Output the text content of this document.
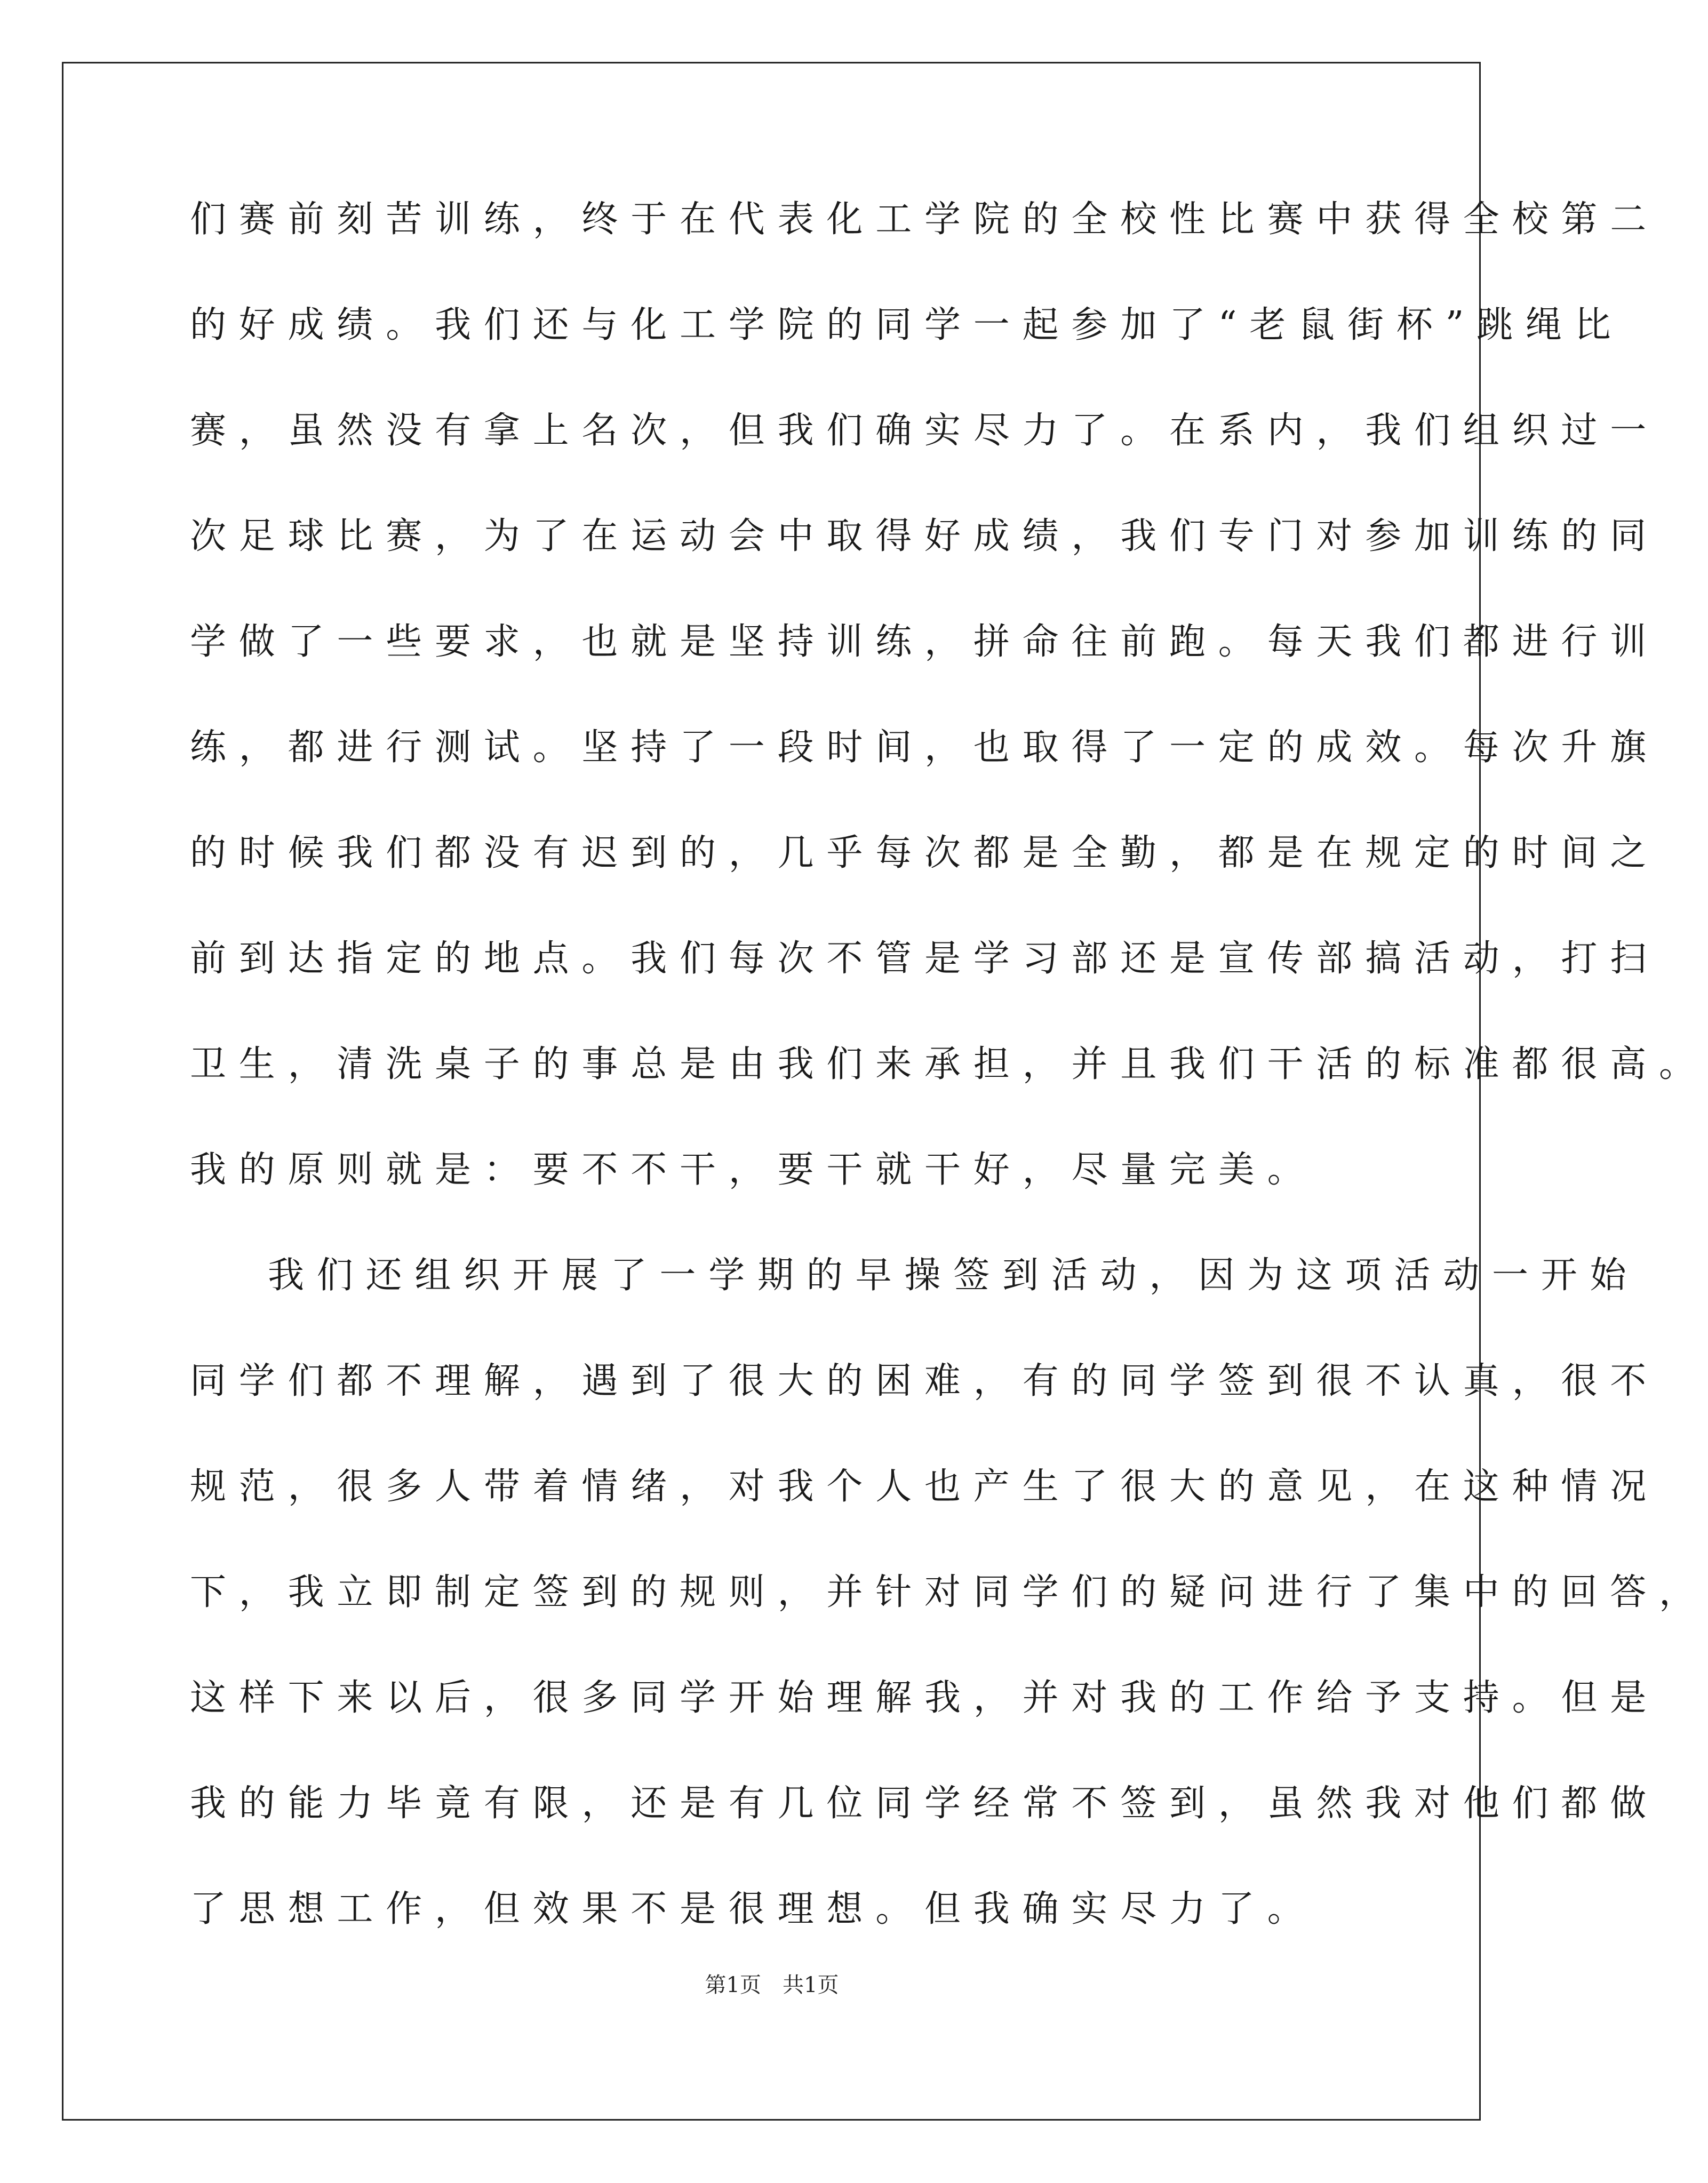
们赛前刻苦训练，终于在代表化工学院的全校性比赛中获得全校第二
的好成绩。我们还与化工学院的同学一起参加了“老鼠街杯”跳绳比
赛，虽然没有拿上名次，但我们确实尽力了。在系内，我们组织过一
次足球比赛，为了在运动会中取得好成绩，我们专门对参加训练的同
学做了一些要求，也就是坚持训练，拼命往前跑。每天我们都进行训
练，都进行测试。坚持了一段时间，也取得了一定的成效。每次升旗
的时候我们都没有迟到的，几乎每次都是全勤，都是在规定的时间之
前到达指定的地点。我们每次不管是学习部还是宣传部搞活动，打扫
卫生，清洗桌子的事总是由我们来承担，并且我们干活的标准都很高。
我的原则就是：要不不干，要干就干好，尽量完美。
我们还组织开展了一学期的早操签到活动，因为这项活动一开始
同学们都不理解，遇到了很大的困难，有的同学签到很不认真，很不
规范，很多人带着情绪，对我个人也产生了很大的意见，在这种情况
下，我立即制定签到的规则，并针对同学们的疑问进行了集中的回答，
这样下来以后，很多同学开始理解我，并对我的工作给予支持。但是
我的能力毕竟有限，还是有几位同学经常不签到，虽然我对他们都做
了思想工作，但效果不是很理想。但我确实尽力了。
第1页　共1页
